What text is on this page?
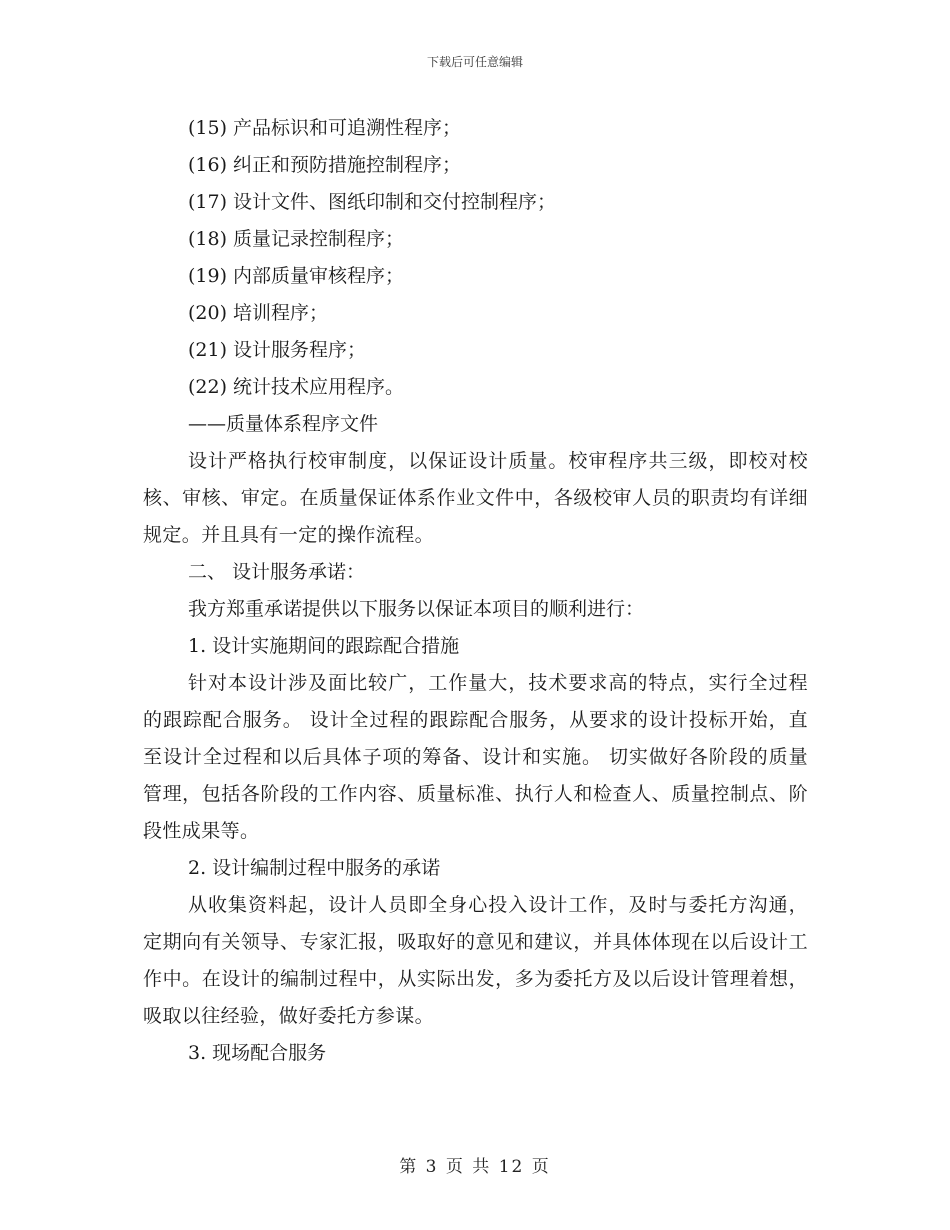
下载后可任意编辑

(15) 产品标识和可追溯性程序；

(16) 纠正和预防措施控制程序；

(17) 设计文件、图纸印制和交付控制程序；

(18) 质量记录控制程序；

(19) 内部质量审核程序；

(20) 培训程序；

(21) 设计服务程序；

(22) 统计技术应用程序。

——质量体系程序文件

设计严格执行校审制度，以保证设计质量。校审程序共三级，即校对校核、审核、审定。在质量保证体系作业文件中，各级校审人员的职责均有详细规定。并且具有一定的操作流程。

二、 设计服务承诺：

我方郑重承诺提供以下服务以保证本项目的顺利进行：

1. 设计实施期间的跟踪配合措施

针对本设计涉及面比较广，工作量大，技术要求高的特点，实行全过程的跟踪配合服务。 设计全过程的跟踪配合服务，从要求的设计投标开始，直至设计全过程和以后具体子项的筹备、设计和实施。 切实做好各阶段的质量管理，包括各阶段的工作内容、质量标准、执行人和检查人、质量控制点、阶段性成果等。

2. 设计编制过程中服务的承诺

从收集资料起，设计人员即全身心投入设计工作，及时与委托方沟通，定期向有关领导、专家汇报，吸取好的意见和建议，并具体体现在以后设计工作中。在设计的编制过程中，从实际出发，多为委托方及以后设计管理着想，吸取以往经验，做好委托方参谋。

3. 现场配合服务

第 3 页 共 12 页
